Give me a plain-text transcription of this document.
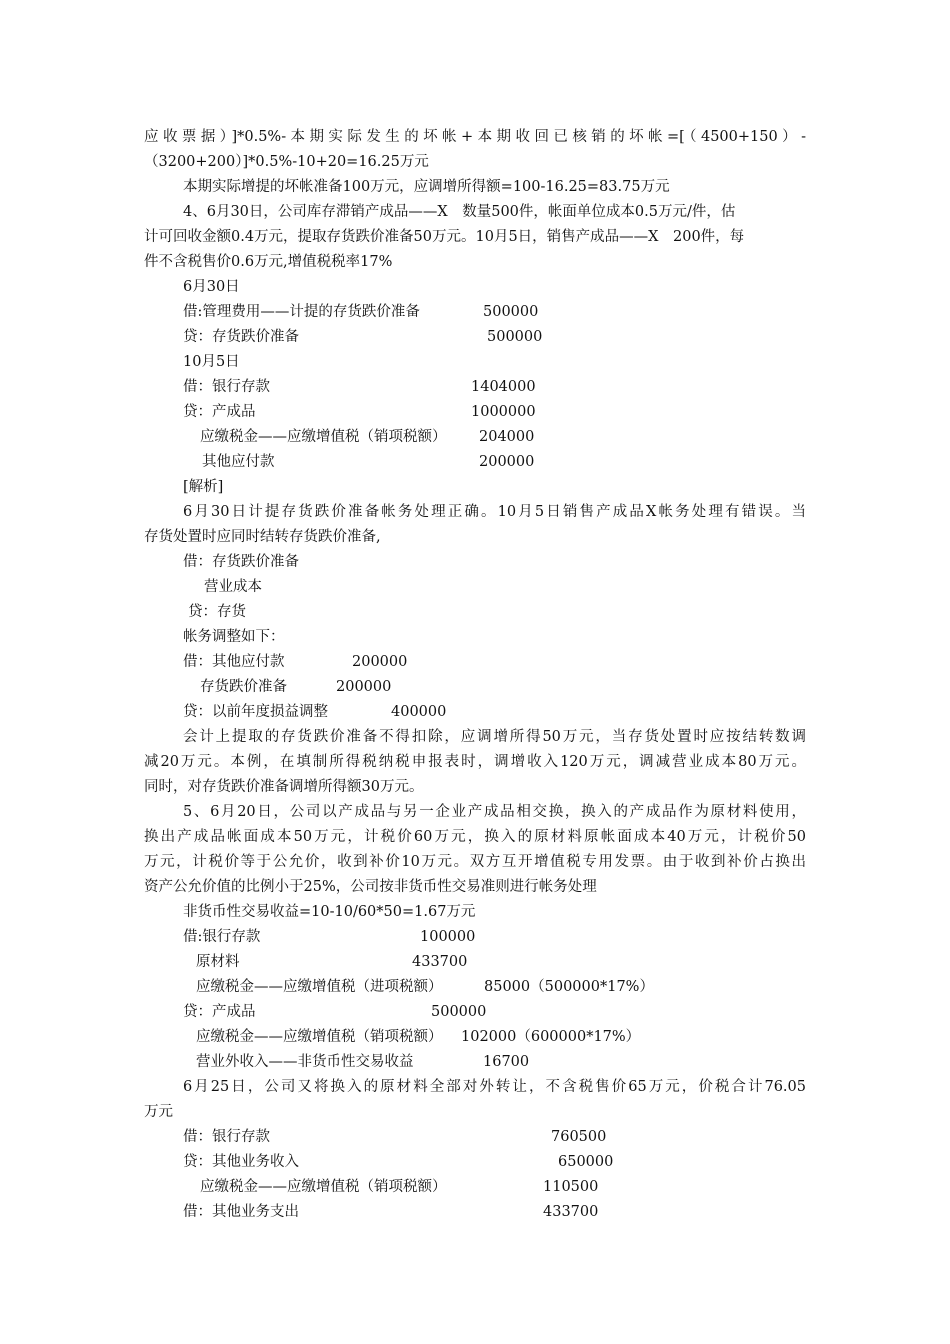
应收票据）]*0.5%-本期实际发生的坏帐+本期收回已核销的坏帐=[（4500+150）-
（3200+200）]*0.5%-10+20=16.25万元
本期实际增提的坏帐准备100万元，应调增所得额=100-16.25=83.75万元
4、6月30日，公司库存滞销产成品——X　数量500件，帐面单位成本0.5万元/件，估
计可回收金额0.4万元，提取存货跌价准备50万元。10月5日，销售产成品——X　200件，每
件不含税售价0.6万元,增值税税率17%
6月30日
借:管理费用——计提的存货跌价准备	500000
贷：存货跌价准备	500000
10月5日
借：银行存款	1404000
贷：产成品	1000000
应缴税金——应缴增值税（销项税额） 204000
其他应付款	200000
[解析]
6月30日计提存货跌价准备帐务处理正确。10月5日销售产成品X帐务处理有错误。当
存货处置时应同时结转存货跌价准备,
借：存货跌价准备
营业成本
贷：存货
帐务调整如下：
借：其他应付款	200000
存货跌价准备	200000
贷：以前年度损益调整	400000
会计上提取的存货跌价准备不得扣除，应调增所得50万元，当存货处置时应按结转数调
减20万元。本例，在填制所得税纳税申报表时，调增收入120万元，调减营业成本80万元。
同时，对存货跌价准备调增所得额30万元。
5、6月20日，公司以产成品与另一企业产成品相交换，换入的产成品作为原材料使用，
换出产成品帐面成本50万元，计税价60万元，换入的原材料原帐面成本40万元，计税价50
万元，计税价等于公允价，收到补价10万元。双方互开增值税专用发票。由于收到补价占换出
资产公允价值的比例小于25%，公司按非货币性交易准则进行帐务处理
非货币性交易收益=10-10/60*50=1.67万元
借:银行存款	100000
原材料	433700
应缴税金——应缴增值税（进项税额）	85000（500000*17%）
贷：产成品	500000
应缴税金——应缴增值税（销项税额） 102000（600000*17%）
营业外收入——非货币性交易收益	16700
6月25日，公司又将换入的原材料全部对外转让，不含税售价65万元，价税合计76.05
万元
借：银行存款	760500
贷：其他业务收入	650000
应缴税金——应缴增值税（销项税额）	110500
借：其他业务支出	433700
